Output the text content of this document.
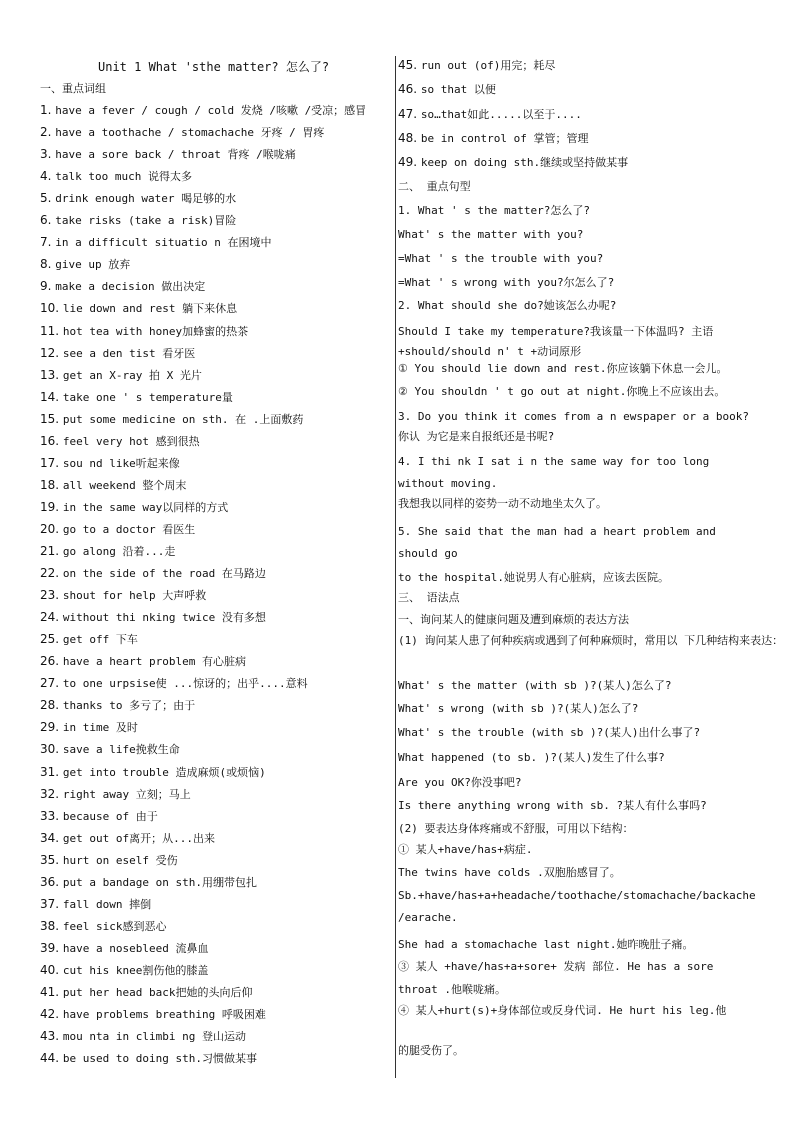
Unit 1 What 'sthe matter? 怎么了?
一、重点词组
1. have a fever / cough / cold 发烧 /咳嗽 /受凉；感冒
2. have a toothache / stomachache 牙疼 / 胃疼
3. have a sore back / throat 背疼 /喉咙痛
4. talk too much 说得太多
5. drink enough water 喝足够的水
6. take risks (take a risk)冒险
7. in a difficult situatio n 在困境中
8. give up 放弃
9. make a decision 做出决定
10. lie down and rest 躺下来休息
11. hot tea with honey加蜂蜜的热茶
12. see a den tist 看牙医
13. get an X-ray 拍 X 光片
14. take one ' s temperature量
15. put some medicine on sth. 在 .上面敷药
16. feel very hot 感到很热
17. sou nd like听起来像
18. all weekend 整个周末
19. in the same way以同样的方式
20. go to a doctor 看医生
21. go along 沿着...走
22. on the side of the road 在马路边
23. shout for help 大声呼救
24. without thi nking twice 没有多想
25. get off 下车
26. have a heart problem 有心脏病
27. to one urpsise使 ...惊讶的；出乎....意料
28. thanks to 多亏了；由于
29. in time 及时
30. save a life挽救生命
31. get into trouble 造成麻烦(或烦恼)
32. right away 立刻；马上
33. because of 由于
34. get out of离开；从...出来
35. hurt on eself 受伤
36. put a bandage on sth.用绷带包扎
37. fall down 摔倒
38. feel sick感到恶心
39. have a nosebleed 流鼻血
40. cut his knee割伤他的膝盖
41. put her head back把她的头向后仰
42. have problems breathing 呼吸困难
43. mou nta in climbi ng 登山运动
44. be used to doing sth.习惯做某事
45. run out (of)用完；耗尽
46. so that 以便
47. so…that如此.....以至于....
48. be in control of 掌管；管理
49. keep on doing sth.继续或坚持做某事
二、 重点句型
1. What ' s the matter?怎么了?
What' s the matter with you?
=What ' s the trouble with you?
=What ' s wrong with you?尔怎么了?
2. What should she do?她该怎么办呢?
Should I take my temperature?我该量一下体温吗? 主语+should/should n' t +动词原形
① You should lie down and rest.你应该躺下休息一会儿。
② You shouldn ' t go out at night.你晚上不应该出去。
3. Do you think it comes from a n ewspaper or a book? 你认 为它是来自报纸还是书呢?
4. I thi nk I sat i n the same way for too long without moving.
我想我以同样的姿势一动不动地坐太久了。
5. She said that the man had a heart problem and should go
to the hospital.她说男人有心脏病，应该去医院。
三、 语法点
一、询问某人的健康问题及遭到麻烦的表达方法
(1) 询问某人患了何种疾病或遇到了何种麻烦时，常用以 下几种结构来表达：
What' s the matter (with sb )?(某人)怎么了?
What' s wrong (with sb )?(某人)怎么了?
What' s the trouble (with sb )?(某人)出什么事了?
What happened (to sb. )?(某人)发生了什么事?
Are you OK?你没事吧?
Is there anything wrong with sb. ?某人有什么事吗?
(2) 要表达身体疼痛或不舒服，可用以下结构：
① 某人+have/has+病症.
The twins have colds .双胞胎感冒了。
Sb.+have/has+a+headache/toothache/stomachache/backache
/earache.
She had a stomachache last night.她昨晚肚子痛。
③ 某人 +have/has+a+sore+ 发病 部位. He has a sore
throat .他喉咙痛。
④ 某人+hurt(s)+身体部位或反身代词. He hurt his leg.他
的腿受伤了。
